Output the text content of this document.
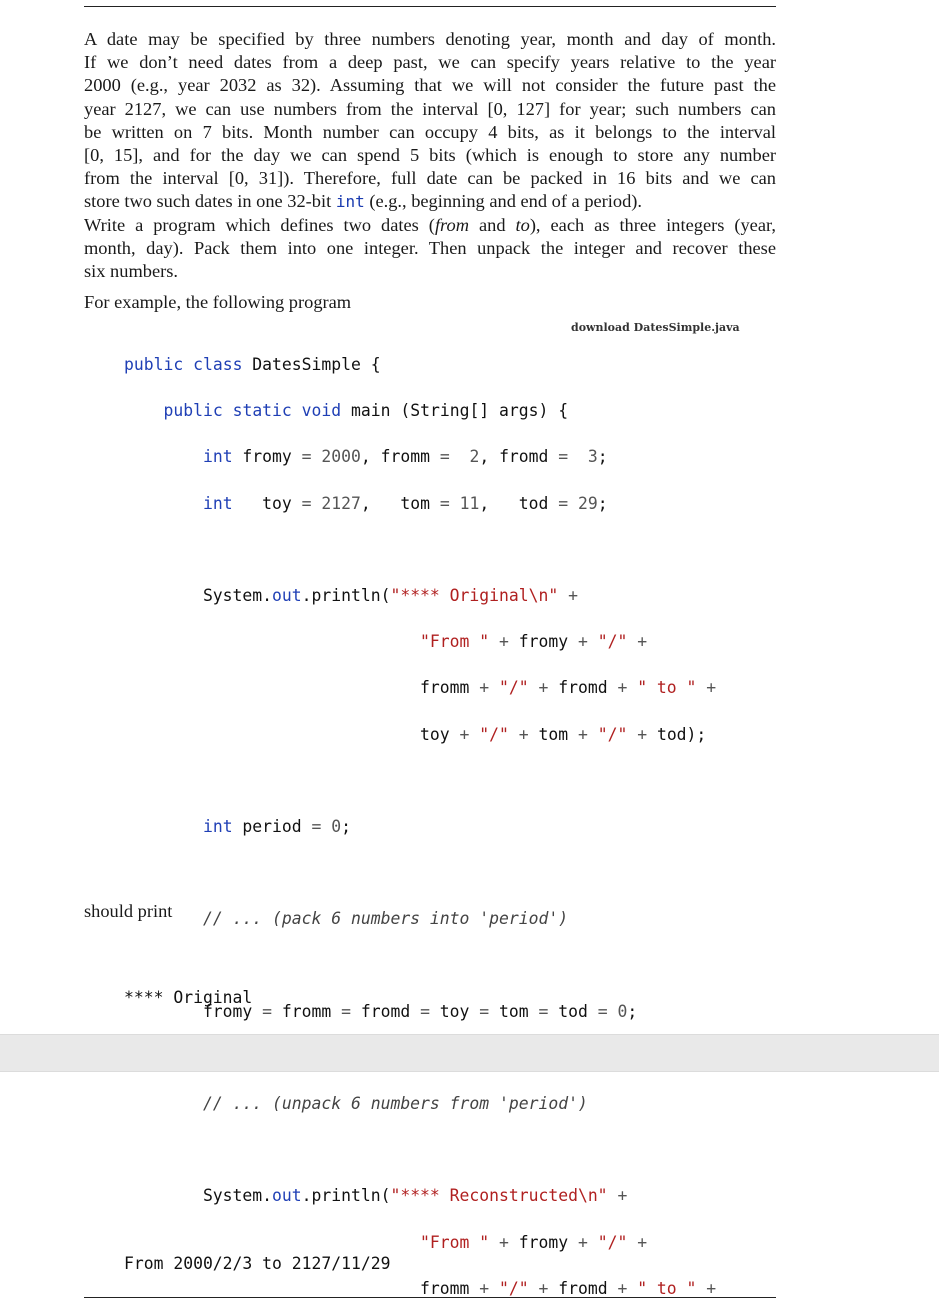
A date may be specified by three numbers denoting year, month and day of month.
If we don’t need dates from a deep past, we can specify years relative to the year
2000 (e.g., year 2032 as 32). Assuming that we will not consider the future past the
year 2127, we can use numbers from the interval [0, 127] for year; such numbers can
be written on 7 bits. Month number can occupy 4 bits, as it belongs to the interval
[0, 15], and for the day we can spend 5 bits (which is enough to store any number
from the interval [0, 31]). Therefore, full date can be packed in 16 bits and we can
store two such dates in one 32-bit int (e.g., beginning and end of a period).
Write a program which defines two dates (from and to), each as three integers (year,
month, day). Pack them into one integer. Then unpack the integer and recover these
six numbers.
For example, the following program
download DatesSimple.java

public class DatesSimple {

public static void main (String[] args) {

int fromy = 2000, fromm = 2, fromd = 3;

int   toy = 2127,   tom = 11,   tod = 29;

System.out.println("**** Original\n" +

"From " + fromy + "/" +

fromm + "/" + fromd + " to " +

toy + "/" + tom + "/" + tod);

int period = 0;

// ... (pack 6 numbers into 'period')

fromy = fromm = fromd = toy = tom = tod = 0;

// ... (unpack 6 numbers from 'period')

System.out.println("**** Reconstructed\n" +

"From " + fromy + "/" +

fromm + "/" + fromd + " to " +

should print

**** Original

From 2000/2/3 to 2127/11/29
